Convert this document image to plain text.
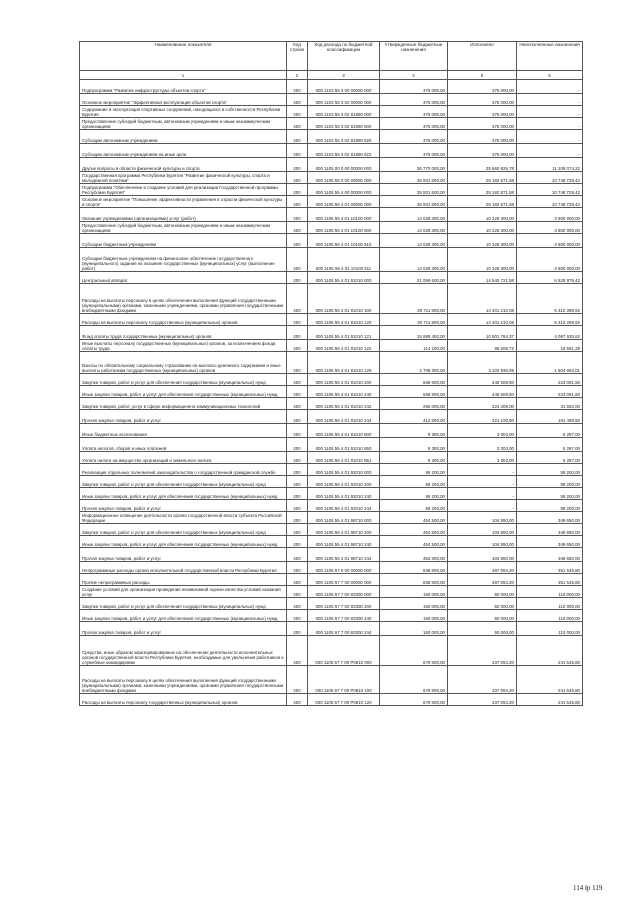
Наименование показателя	Код строки	Код расхода по бюджетной классификации	Утвержденные бюджетные назначения	Исполнено	Неисполненные назначения
1	2	3	4	5	6
Подпрограмма "Развитие инфраструктуры объектов спорта"	200	000 1103 55 3 00 00000 000	375 000,00	375 000,00	-
Основное мероприятие "Эффективная эксплуатация объектов спорта"	200	000 1103 55 3 02 00000 000	375 000,00	375 000,00	-
Содержание и эксплуатация спортивных сооружений, находящихся в собственности Республики Бурятия	200	000 1103 55 3 02 81890 000	375 000,00	375 000,00	-
Предоставление субсидий бюджетным, автономным учреждениям и иным некоммерческим организациям	200	000 1103 55 3 02 81890 600	375 000,00	375 000,00	-
Субсидии автономным учреждениям	200	000 1103 55 3 02 81890 620	375 000,00	375 000,00	-
Субсидии автономным учреждениям на иные цели	200	000 1103 55 3 02 81890 622	375 000,00	375 000,00	-
Другие вопросы в области физической культуры и спорта	200	000 1105 00 0 00 00000 000	36 770 000,00	25 660 925,78	11 109 074,22
Государственная программа Республики Бурятия "Развитие физической культуры, спорта и молодежной политики"	200	000 1105 55 0 00 00000 000	35 931 600,00	25 182 871,58	10 748 728,42
Подпрограмма "Обеспечение и создание условий для реализации Государственной программы Республики Бурятия"	200	000 1105 55 4 00 00000 000	35 931 600,00	25 182 871,58	10 748 728,42
Основное мероприятие "Повышение эффективности управления в отрасли физической культуры и спорта"	200	000 1105 55 4 01 00000 000	35 931 600,00	25 182 871,58	10 748 728,42
Оказание учреждениями (организациями) услуг (работ)	200	000 1105 55 4 01 10100 000	14 028 300,00	10 228 300,00	3 800 000,00
Предоставление субсидий бюджетным, автономным учреждениям и иным некоммерческим организациям	200	000 1105 55 4 01 10100 600	14 028 300,00	10 228 300,00	3 800 000,00
Субсидии бюджетным учреждениям	200	000 1105 55 4 01 10100 610	14 028 300,00	10 228 300,00	3 800 000,00
Субсидии бюджетным учреждениям на финансовое обеспечение государственного (муниципального) задания на оказание государственных (муниципальных) услуг (выполнение работ)	200	000 1105 55 4 01 10100 611	14 028 300,00	10 228 300,00	3 800 000,00
Центральный аппарат	200	000 1105 55 4 01 91010 000	21 069 600,00	14 540 721,58	6 528 878,42
Расходы на выплаты персоналу в целях обеспечения выполнения функций государственными (муниципальными) органами, казенными учреждениями, органами управления государственными внебюджетными фондами	200	000 1105 55 4 01 91010 100	20 711 500,00	14 401 210,08	6 310 289,92
Расходы на выплаты персоналу государственных (муниципальных) органов	200	000 1105 55 4 01 91010 120	20 711 500,00	14 401 210,08	6 310 289,92
Фонд оплаты труда государственных (муниципальных) органов	200	000 1105 55 4 01 91010 121	15 889 400,00	10 801 764,37	4 087 635,63
Иные выплаты персоналу государственных (муниципальных) органов, за исключением фонда оплаты труда	200	000 1105 55 4 01 91010 122	114 100,00	95 508,72	18 591,28
Взносы по обязательному социальному страхованию на выплаты денежного содержания и иные выплаты работникам государственных (муниципальных) органов	200	000 1105 55 4 01 91010 129	4 708 000,00	3 103 936,99	1 604 063,01
Закупка товаров, работ и услуг для обеспечения государственных (муниципальных) нужд	200	000 1105 55 4 01 91010 200	668 600,00	445 508,50	223 091,50
Иные закупки товаров, работ и услуг для обеспечения государственных (муниципальных) нужд	200	000 1105 55 4 01 91010 240	668 600,00	445 508,50	223 091,50
Закупка товаров, работ, услуг в сфере информационно-коммуникационных технологий	200	000 1105 55 4 01 91010 242	256 000,00	224 408,00	31 592,00
Прочая закупка товаров, работ и услуг	200	000 1105 55 4 01 91010 244	412 600,00	221 100,50	191 499,50
Иные бюджетные ассигнования	200	000 1105 55 4 01 91010 800	9 300,00	3 003,00	6 297,00
Уплата налогов, сборов и иных платежей	200	000 1105 55 4 01 91010 850	9 300,00	3 003,00	6 297,00
Уплата налога на имущество организаций и земельного налога	200	000 1105 55 4 01 91010 851	9 300,00	3 003,00	6 297,00
Реализация отдельных полномочий законодательства о государственной гражданской службе	200	000 1105 55 4 01 92010 000	59 200,00	-	59 200,00
Закупка товаров, работ и услуг для обеспечения государственных (муниципальных) нужд	200	000 1105 55 4 01 92010 200	59 200,00	-	59 200,00
Иные закупки товаров, работ и услуг для обеспечения государственных (муниципальных) нужд	200	000 1105 55 4 01 92010 240	59 200,00	-	59 200,00
Прочая закупка товаров, работ и услуг	200	000 1105 55 4 01 92010 244	59 200,00	-	59 200,00
Информационное освещение деятельности органа государственной власти субъекта Российской Федерации	200	000 1105 55 4 01 98710 000	454 500,00	104 850,00	349 650,00
Закупка товаров, работ и услуг для обеспечения государственных (муниципальных) нужд	200	000 1105 55 4 01 98710 200	454 500,00	104 850,00	349 650,00
Иные закупки товаров, работ и услуг для обеспечения государственных (муниципальных) нужд	200	000 1105 55 4 01 98710 240	454 500,00	104 850,00	349 650,00
Прочая закупка товаров, работ и услуг	200	000 1105 55 4 01 98710 244	454 500,00	104 850,00	349 650,00
Непрограммные расходы органа исполнительной государственной власти Республики Бурятия	200	000 1105 67 0 00 00000 000	838 600,00	487 054,20	351 545,80
Прочие непрограммные расходы	200	000 1105 67 7 00 00000 000	838 600,00	487 054,20	351 545,80
Создание условий для организации проведения независимой оценки качества условий оказания услуг	200	000 1105 67 7 00 83300 000	160 000,00	50 000,00	110 000,00
Закупка товаров, работ и услуг для обеспечения государственных (муниципальных) нужд	200	000 1105 67 7 00 83300 200	160 000,00	50 000,00	110 000,00
Иные закупки товаров, работ и услуг для обеспечения государственных (муниципальных) нужд	200	000 1105 67 7 00 83300 240	160 000,00	50 000,00	110 000,00
Прочая закупка товаров, работ и услуг	200	000 1105 67 7 00 83300 244	160 000,00	50 000,00	110 000,00
Средства, иные образом зарезервированные на обеспечение деятельности исполнительных органов государственной власти Республики Бурятия, необходимые для увольнения работников и служебные командировки	200	000 1105 67 7 00 P0810 000	678 600,00	437 054,20	241 545,80
Расходы на выплаты персоналу в целях обеспечения выполнения функций государственными (муниципальными) органами, казенными учреждениями, органами управления государственными внебюджетными фондами	200	000 1105 67 7 00 P0810 100	678 600,00	437 054,20	241 545,80
Расходы на выплаты персоналу государственных (муниципальных) органов	200	000 1105 67 7 00 P0810 120	678 600,00	437 054,20	241 545,80
114 łр 119
